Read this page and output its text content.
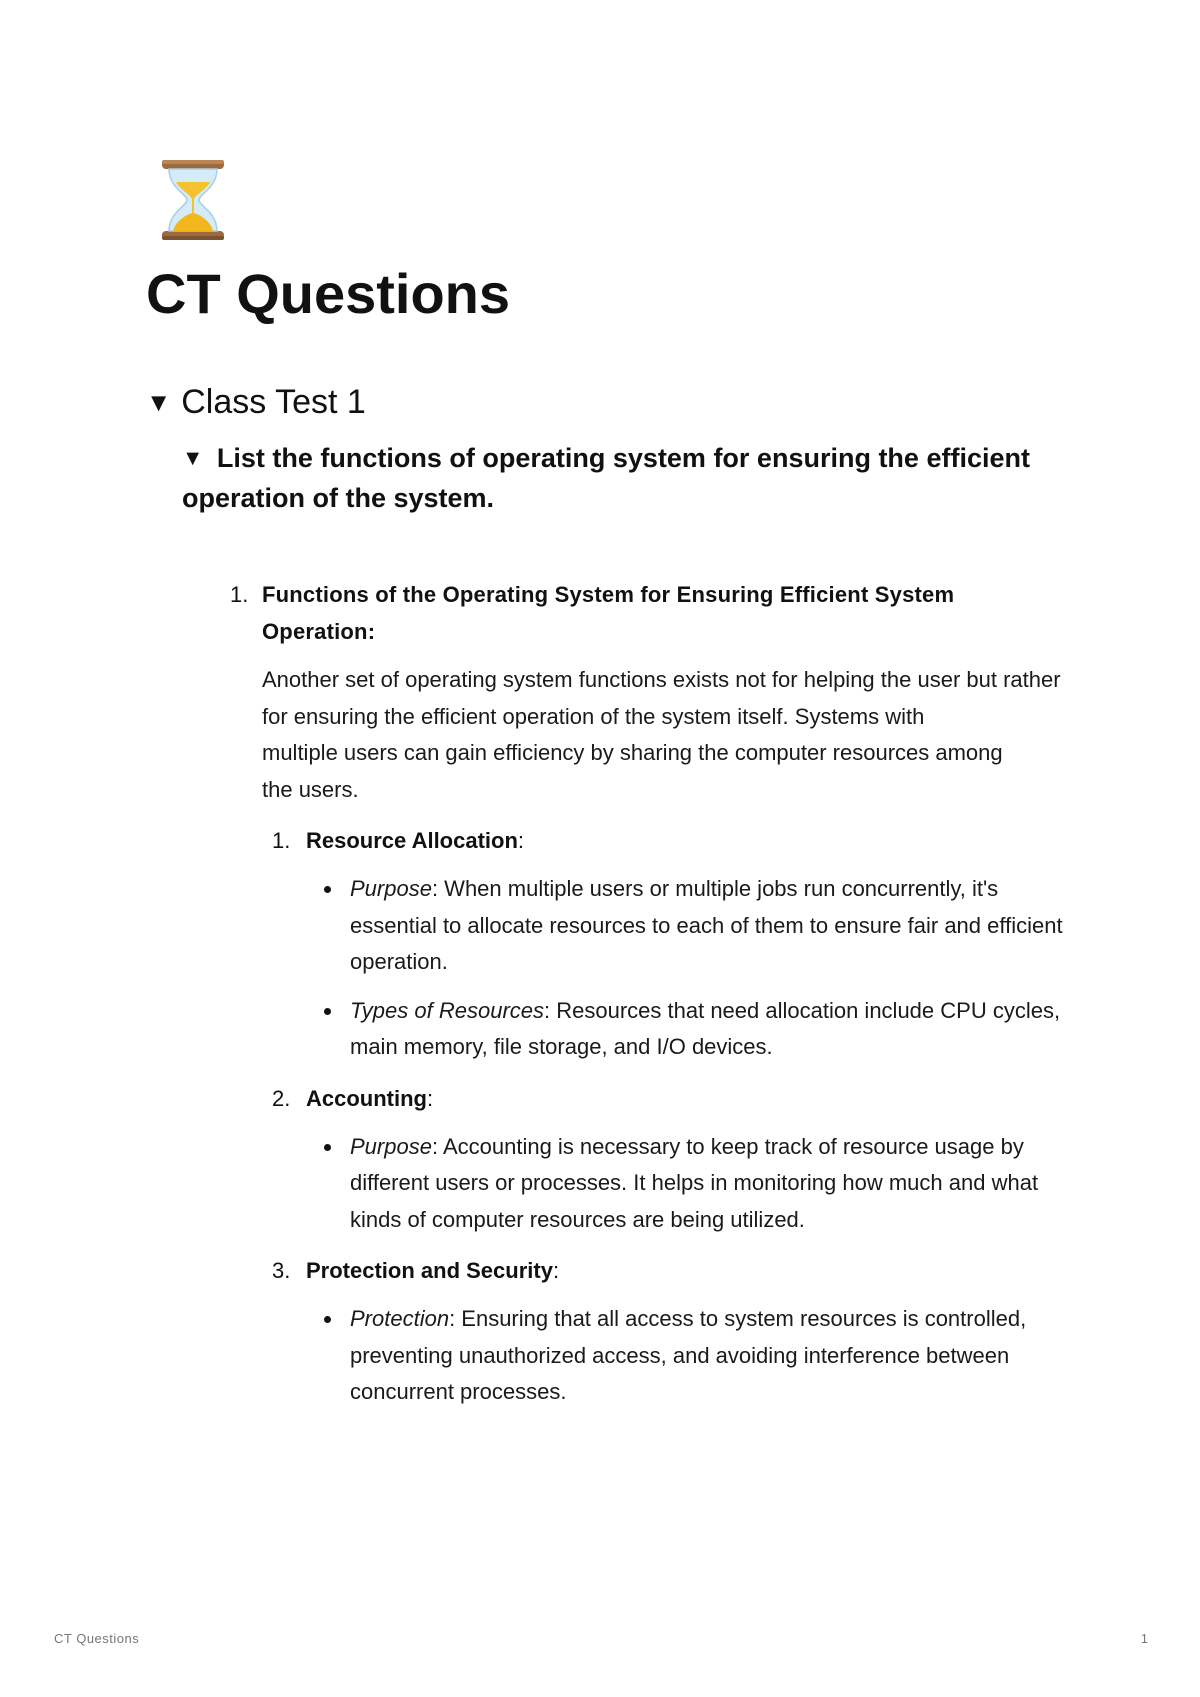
CT Questions
▼ Class Test 1
▼ List the functions of operating system for ensuring the efficient operation of the system.
1. Functions of the Operating System for Ensuring Efficient System Operation:
Another set of operating system functions exists not for helping the user but rather for ensuring the efficient operation of the system itself. Systems with
multiple users can gain efficiency by sharing the computer resources among
the users.
1. Resource Allocation:
Purpose: When multiple users or multiple jobs run concurrently, it's essential to allocate resources to each of them to ensure fair and efficient operation.
Types of Resources: Resources that need allocation include CPU cycles, main memory, file storage, and I/O devices.
2. Accounting:
Purpose: Accounting is necessary to keep track of resource usage by different users or processes. It helps in monitoring how much and what kinds of computer resources are being utilized.
3. Protection and Security:
Protection: Ensuring that all access to system resources is controlled, preventing unauthorized access, and avoiding interference between concurrent processes.
CT Questions	1
